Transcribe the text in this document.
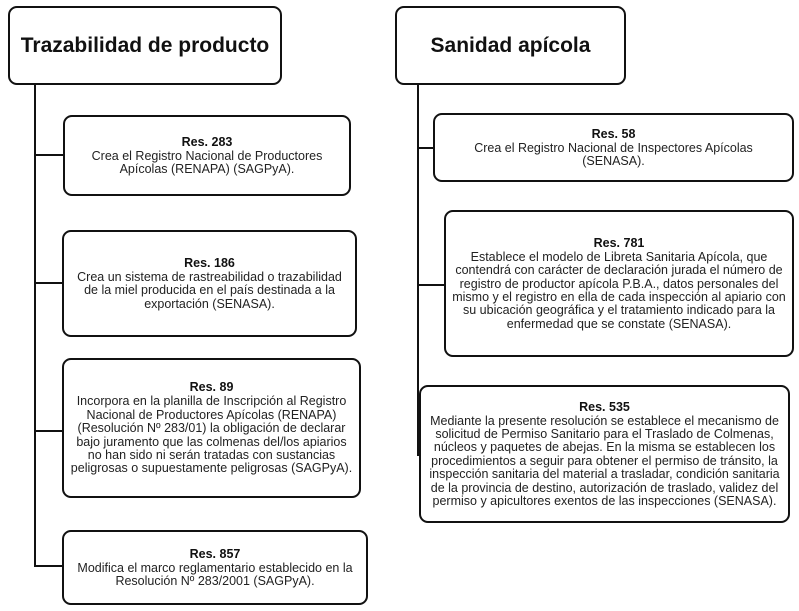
Trazabilidad de producto	Sanidad apícola
Res. 283
Crea el Registro Nacional de Productores Apícolas (RENAPA) (SAGPyA).
Res. 186
Crea un sistema de rastreabilidad o trazabilidad de la miel producida en el país destinada a la exportación (SENASA).
Res. 89
Incorpora en la planilla de Inscripción al Registro Nacional de Productores Apícolas (RENAPA) (Resolución Nº 283/01) la obligación de declarar bajo juramento que las colmenas del/los apiarios no han sido ni serán tratadas con sustancias peligrosas o supuestamente peligrosas (SAGPyA).
Res. 857
Modifica el marco reglamentario establecido en la Resolución Nº 283/2001 (SAGPyA).
Res. 58
Crea el Registro Nacional de Inspectores Apícolas (SENASA).
Res. 781
Establece el modelo de Libreta Sanitaria Apícola, que contendrá con carácter de declaración jurada el número de registro de productor apícola P.B.A., datos personales del mismo y el registro en ella de cada inspección al apiario con su ubicación geográfica y el tratamiento indicado para la enfermedad que se constate (SENASA).
Res. 535
Mediante la presente resolución se establece el mecanismo de solicitud de Permiso Sanitario para el Traslado de Colmenas, núcleos y paquetes de abejas. En la misma se establecen los procedimientos a seguir para obtener el permiso de tránsito, la inspección sanitaria del material a trasladar, condición sanitaria de la provincia de destino, autorización de traslado, validez del permiso y apicultores exentos de las inspecciones (SENASA).
